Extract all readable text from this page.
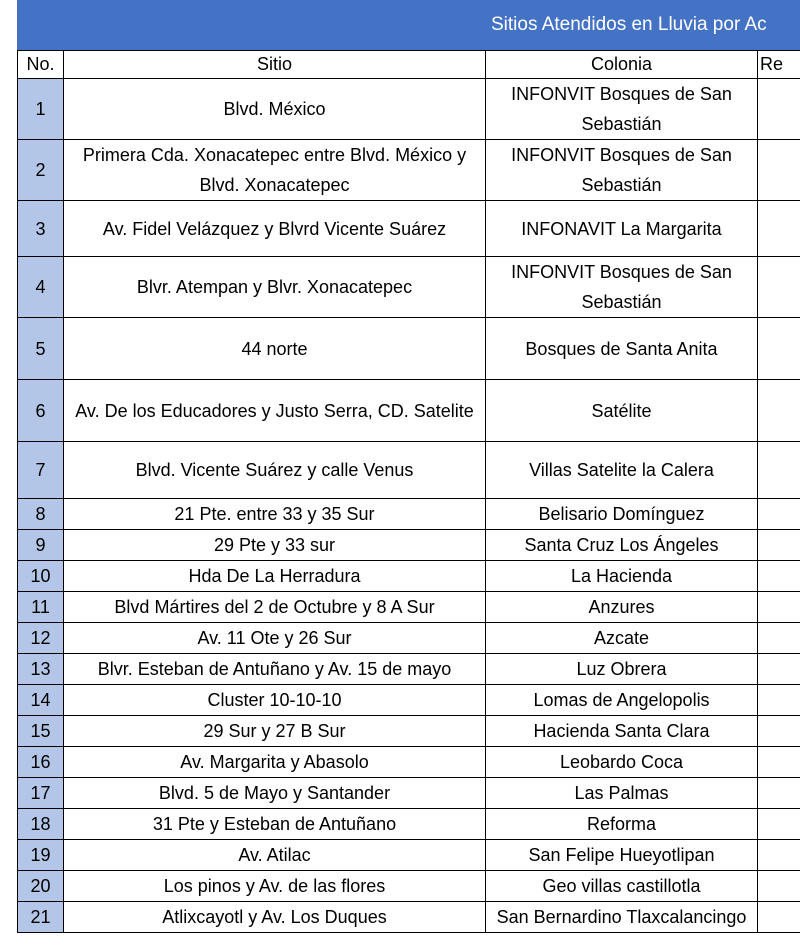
Sitios Atendidos en Lluvia por Ac
No.	Sitio	Colonia	Re
1	Blvd. México	INFONVIT Bosques de San Sebastián	
2	Primera Cda. Xonacatepec entre Blvd. México y Blvd. Xonacatepec	INFONVIT Bosques de San Sebastián	
3	Av. Fidel Velázquez y Blvrd Vicente Suárez	INFONAVIT La Margarita	
4	Blvr. Atempan y Blvr. Xonacatepec	INFONVIT Bosques de San Sebastián	
5	44 norte	Bosques de Santa Anita	
6	Av. De los Educadores y Justo Serra, CD. Satelite	Satélite	
7	Blvd. Vicente Suárez y calle Venus	Villas Satelite la Calera	
8	21 Pte. entre 33 y 35 Sur	Belisario Domínguez	
9	29 Pte y 33 sur	Santa Cruz Los Ángeles	
10	Hda De La Herradura	La Hacienda	
11	Blvd Mártires del 2 de Octubre y 8 A Sur	Anzures	
12	Av. 11 Ote y 26 Sur	Azcate	
13	Blvr. Esteban de Antuñano y Av. 15 de mayo	Luz Obrera	
14	Cluster 10-10-10	Lomas de Angelopolis	
15	29 Sur y 27 B Sur	Hacienda Santa Clara	
16	Av. Margarita y Abasolo	Leobardo Coca	
17	Blvd. 5 de Mayo y Santander	Las Palmas	
18	31 Pte y Esteban de Antuñano	Reforma	
19	Av. Atilac	San Felipe Hueyotlipan	
20	Los pinos y Av. de las flores	Geo villas castillotla	
21	Atlixcayotl y Av. Los Duques	San Bernardino Tlaxcalancingo	
